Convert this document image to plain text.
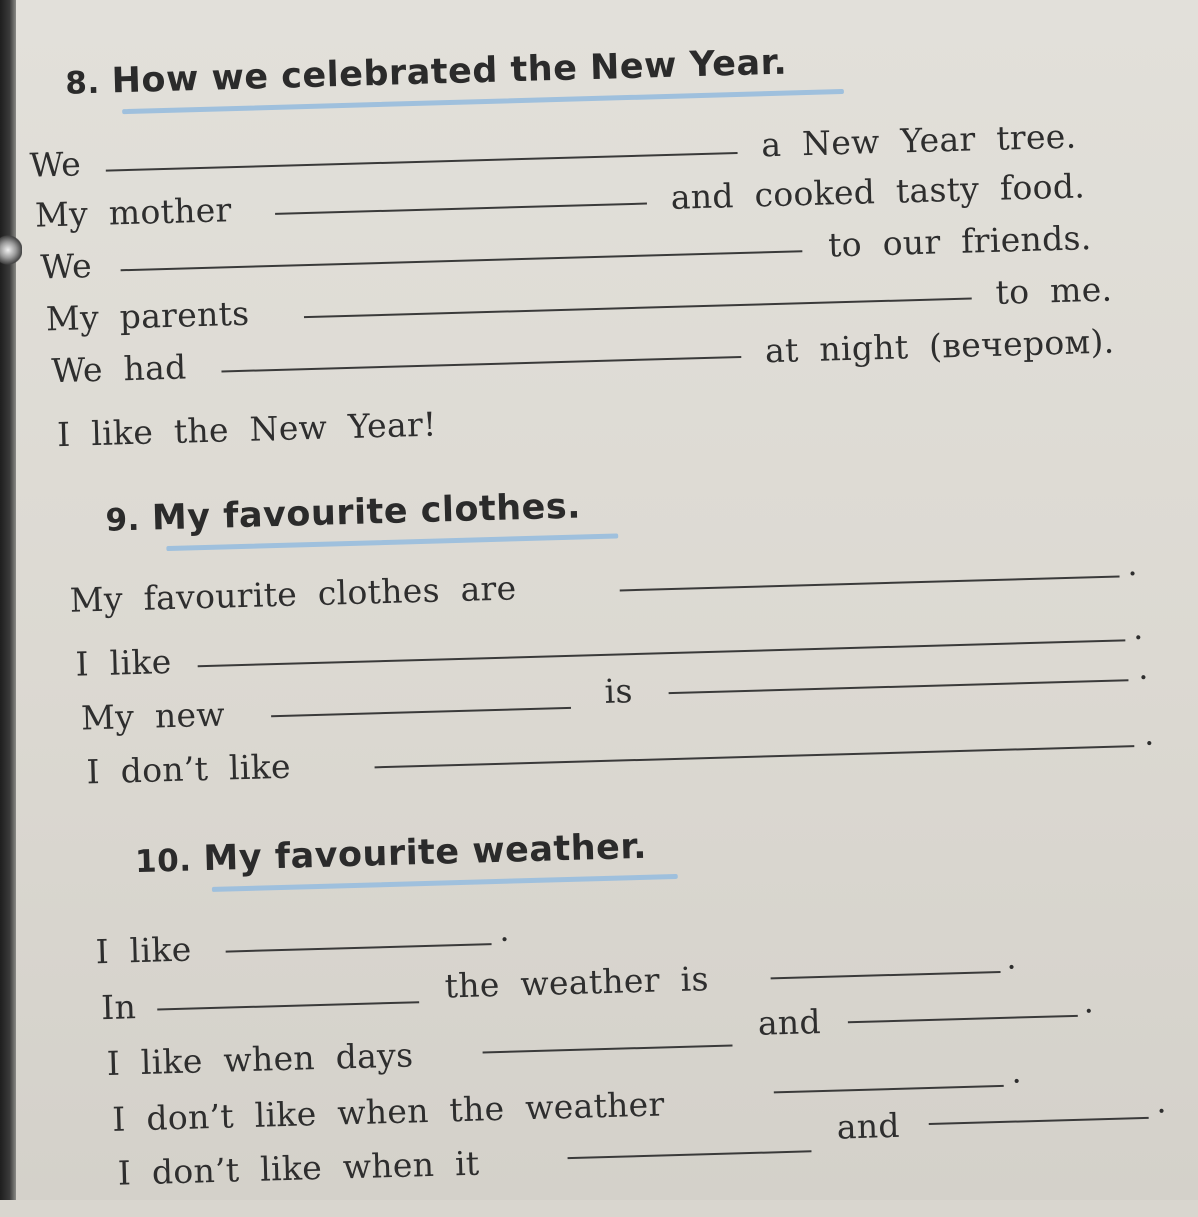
8. How we celebrated the New Year.
We
a New Year tree.
My mother	and cooked tasty food.
We
to our friends.
My parents
to me.
We had	at night (вечером).
I like the New Year!
9. My favourite clothes.
My favourite clothes are
.
I like
.
My new
is
.
I don’t like
.
10. My favourite weather.
I like	.
In
the weather is
.
I like when days
and
.
I don’t like when the weather
.
I don’t like when it
and
.
